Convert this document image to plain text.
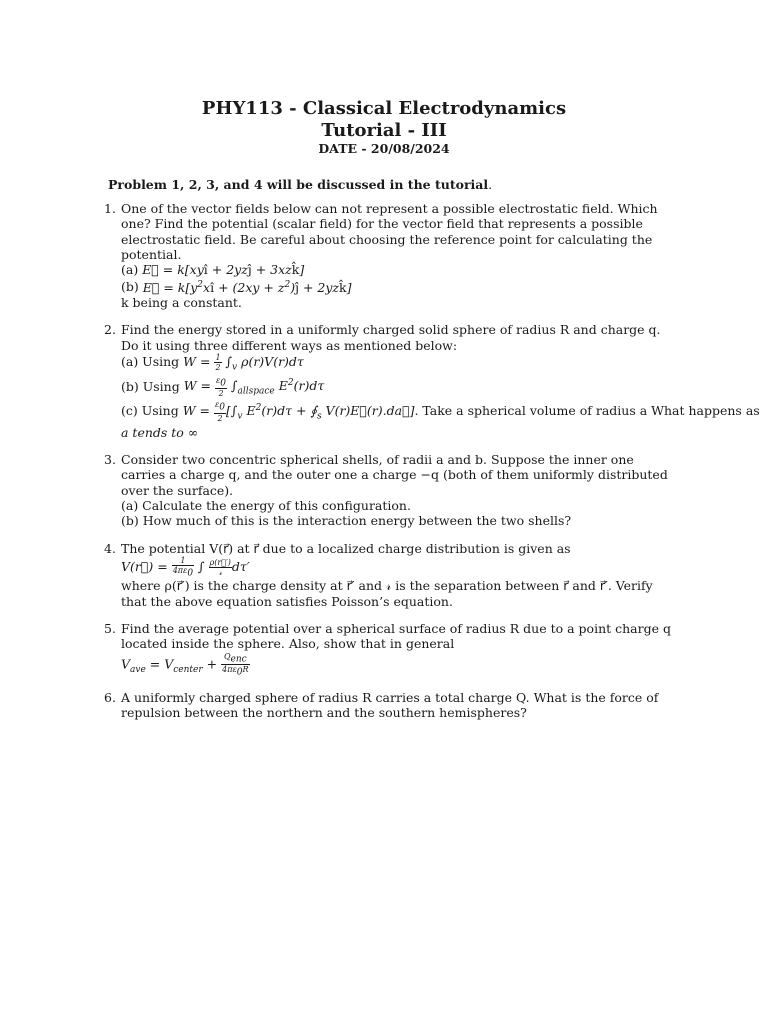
PHY113 - Classical Electrodynamics
Tutorial - III
DATE - 20/08/2024
Problem 1, 2, 3, and 4 will be discussed in the tutorial.
1. One of the vector fields below can not represent a possible electrostatic field. Which one? Find the potential (scalar field) for the vector field that represents a possible electrostatic field. Be careful about choosing the reference point for calculating the potential.
(a) E⃗ = k[xyî + 2yzĵ + 3xzk̂]
(b) E⃗ = $k[y^2xî + (2xy$ + $z^2)ĵ$ + 2yzk̂]
k being a constant.
2. Find the energy stored in a uniformly charged solid sphere of radius R and charge q. Do it using three different ways as mentioned below:
(a) Using $W = \frac{1}{2} \int_v$ ρ(r)V(r)dτ
(b) Using $W = \frac{\varepsilon_0}{2} \int_{allspace}$ $E^2(r)d\tau$
(c) Using $W = \frac{\varepsilon_0}{2} [\int_v$ $E^2(r)d\tau$ + $∮_s$ V(r)E⃗(r).da⃗]. Take a spherical volume of radius a What happens as
a tends to ∞
3. Consider two concentric spherical shells, of radii a and b. Suppose the inner one carries a charge q, and the outer one a charge −q (both of them uniformly distributed over the surface).
(a) Calculate the energy of this configuration.
(b) How much of this is the interaction energy between the two shells?
4. The potential V(r⃗) at r⃗ due to a localized charge distribution is given as
V(r⃗) = $\frac{1}{4\pi\varepsilon_0}$ ∫ $\frac{\rho(r⃗')}{\text{𝓇}} d\tau'$
where ρ(r⃗′) is the charge density at r⃗′ and 𝓇 is the separation between r⃗ and r⃗′. Verify that the above equation satisfies Poisson’s equation.
5. Find the average potential over a spherical surface of radius R due to a point charge q located inside the sphere. Also, show that in general
$V_{ave} = V_{center} + \frac{Q_{enc}}{4\pi\varepsilon_0R}$
6. A uniformly charged sphere of radius R carries a total charge Q. What is the force of repulsion between the northern and the southern hemispheres?
